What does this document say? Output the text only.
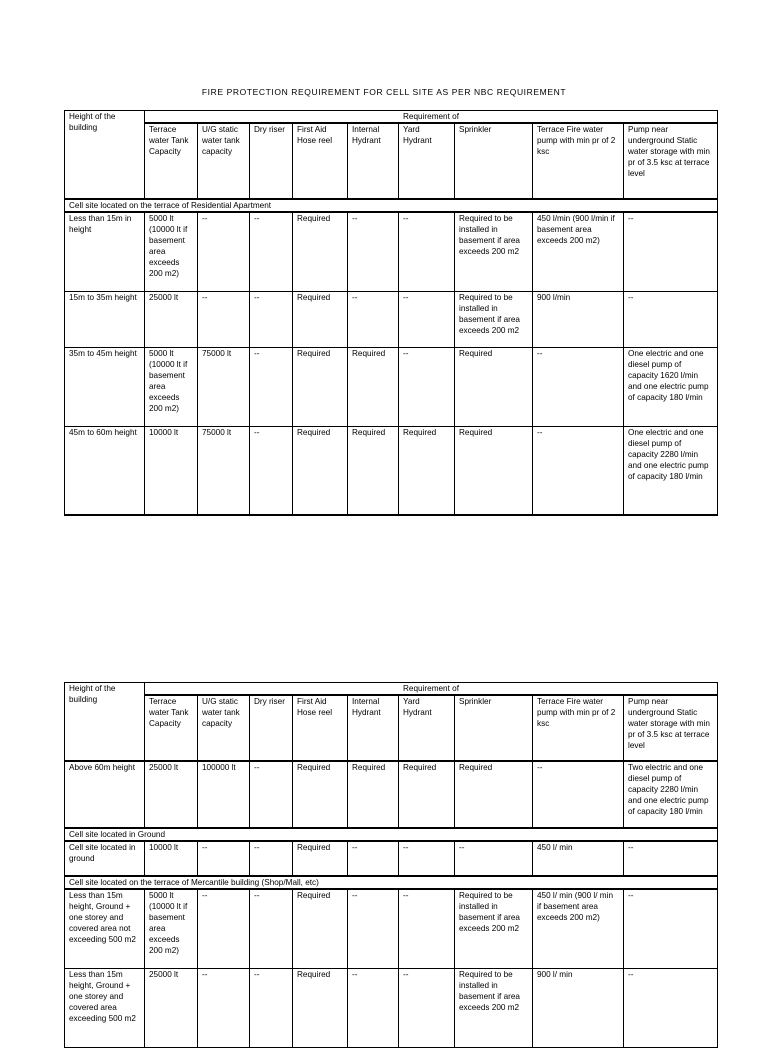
FIRE PROTECTION REQUIREMENT FOR CELL SITE AS PER NBC REQUIREMENT
Height of the building	Requirement of								
	Terrace water Tank Capacity	U/G static water tank capacity	Dry riser	First Aid Hose reel	Internal Hydrant	Yard Hydrant	Sprinkler	Terrace Fire water pump with min pr of 2 ksc	Pump near underground Static water storage with min pr of 3.5 ksc at terrace level
Cell site located on the terrace of Residential Apartment									
Less than 15m in height	5000 lt (10000 lt if basement area exceeds 200 m2)	--	--	Required	--	--	Required to be installed in basement if area exceeds 200 m2	450 l/min (900 l/min if basement area exceeds 200 m2)	--
15m to 35m height	25000 lt	--	--	Required	--	--	Required to be installed in basement if area exceeds 200 m2	900 l/min	--
35m to 45m height	5000 lt (10000 lt if basement area exceeds 200 m2)	75000 lt	--	Required	Required	--	Required	--	One electric and one diesel pump of capacity 1620 l/min and one electric pump of capacity 180 l/min
45m to 60m height	10000 lt	75000 lt	--	Required	Required	Required	Required	--	One electric and one diesel pump of capacity 2280 l/min and one electric pump of capacity 180 l/min
Height of the building	Requirement of								
	Terrace water Tank Capacity	U/G static water tank capacity	Dry riser	First Aid Hose reel	Internal Hydrant	Yard Hydrant	Sprinkler	Terrace Fire water pump with min pr of 2 ksc	Pump near underground Static water storage with min pr of 3.5 ksc at terrace level
Above 60m height	25000 lt	100000 lt	--	Required	Required	Required	Required	--	Two electric and one diesel pump of capacity 2280 l/min and one electric pump of capacity 180 l/min
Cell site located in Ground									
Cell site located in ground	10000 lt	--	--	Required	--	--	--	450 l/ min	--
Cell site located on the terrace of Mercantile building (Shop/Mall, etc)									
Less than 15m height, Ground + one storey and covered area not exceeding 500 m2	5000 lt (10000 lt if basement area exceeds 200 m2)	--	--	Required	--	--	Required to be installed in basement if area exceeds 200 m2	450 l/ min (900 l/ min if basement area exceeds 200 m2)	--
Less than 15m height, Ground + one storey and covered area exceeding 500 m2	25000 lt	--	--	Required	--	--	Required to be installed in basement if area exceeds 200 m2	900 l/ min	--
